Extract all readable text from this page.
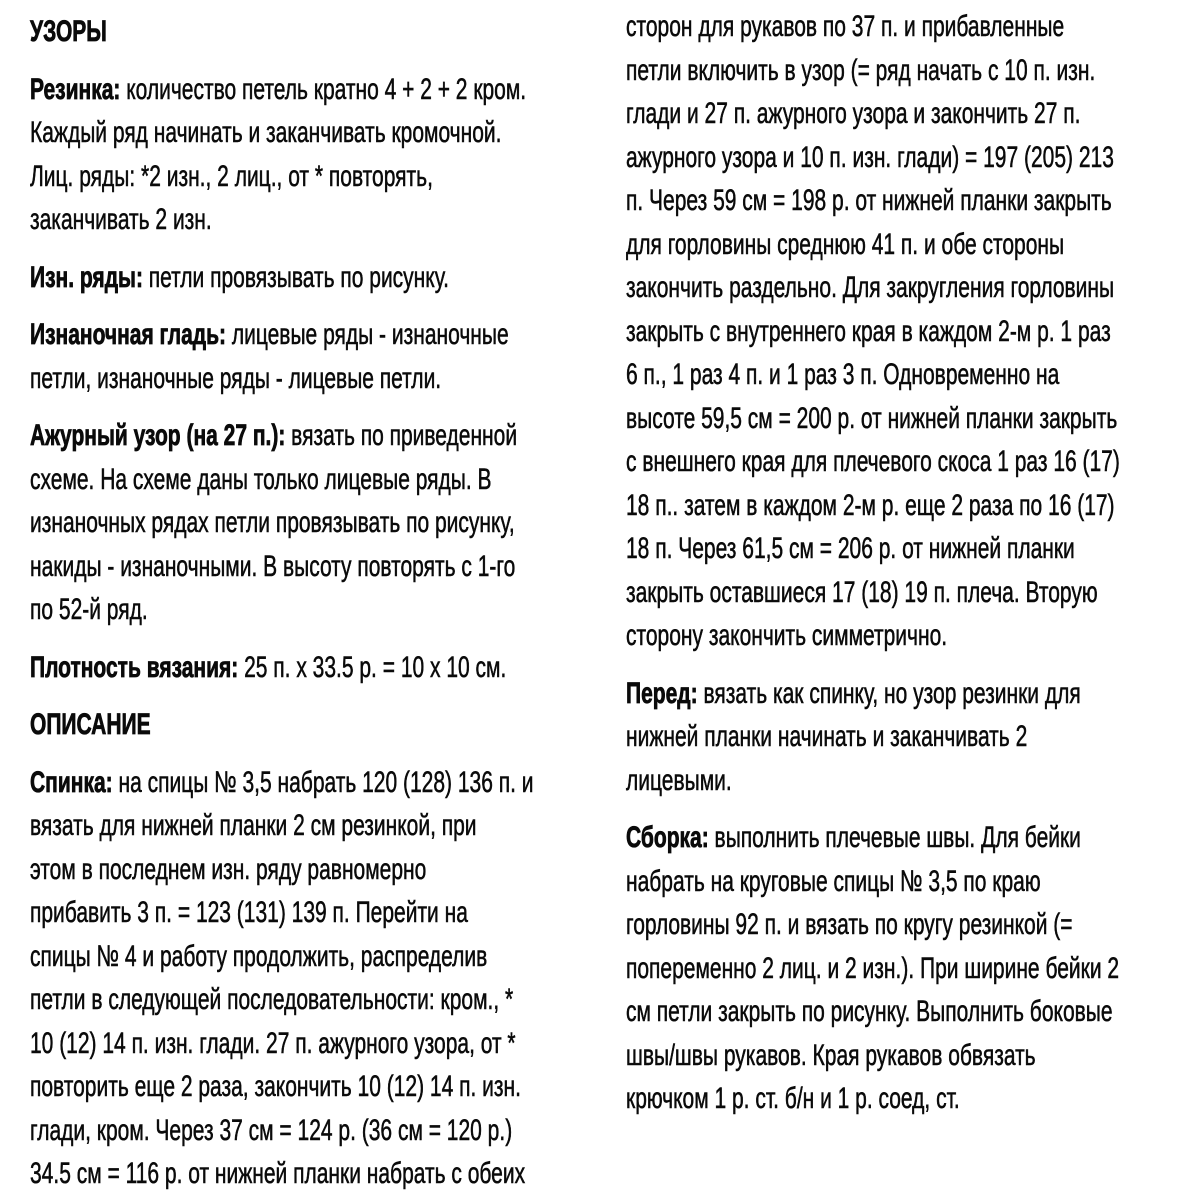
УЗОРЫ
Резинка: количество петель кратно 4 + 2 + 2 кром.
Каждый ряд начинать и заканчивать кромочной.
Лиц. ряды: *2 изн., 2 лиц., от * повторять,
заканчивать 2 изн.
Изн. ряды: петли провязывать по рисунку.
Изнаночная гладь: лицевые ряды - изнаночные
петли, изнаночные ряды - лицевые петли.
Ажурный узор (на 27 п.): вязать по приведенной
схеме. На схеме даны только лицевые ряды. В
изнаночных рядах петли провязывать по рисунку,
накиды - изнаночными. В высоту повторять с 1-го
по 52-й ряд.
Плотность вязания: 25 п. х 33.5 р. = 10 х 10 см.
ОПИСАНИЕ
Спинка: на спицы № 3,5 набрать 120 (128) 136 п. и
вязать для нижней планки 2 см резинкой, при
этом в последнем изн. ряду равномерно
прибавить 3 п. = 123 (131) 139 п. Перейти на
спицы № 4 и работу продолжить, распределив
петли в следующей последовательности: кром., *
10 (12) 14 п. изн. глади. 27 п. ажурного узора, от *
повторить еще 2 раза, закончить 10 (12) 14 п. изн.
глади, кром. Через 37 см = 124 р. (36 см = 120 р.)
34.5 см = 116 р. от нижней планки набрать с обеих
сторон для рукавов по 37 п. и прибавленные
петли включить в узор (= ряд начать с 10 п. изн.
глади и 27 п. ажурного узора и закончить 27 п.
ажурного узора и 10 п. изн. глади) = 197 (205) 213
п. Через 59 см = 198 р. от нижней планки закрыть
для горловины среднюю 41 п. и обе стороны
закончить раздельно. Для закругления горловины
закрыть с внутреннего края в каждом 2-м р. 1 раз
6 п., 1 раз 4 п. и 1 раз 3 п. Одновременно на
высоте 59,5 см = 200 р. от нижней планки закрыть
с внешнего края для плечевого скоса 1 раз 16 (17)
18 п.. затем в каждом 2-м р. еще 2 раза по 16 (17)
18 п. Через 61,5 см = 206 р. от нижней планки
закрыть оставшиеся 17 (18) 19 п. плеча. Вторую
сторону закончить симметрично.
Перед: вязать как спинку, но узор резинки для
нижней планки начинать и заканчивать 2
лицевыми.
Сборка: выполнить плечевые швы. Для бейки
набрать на круговые спицы № 3,5 по краю
горловины 92 п. и вязать по кругу резинкой (=
попеременно 2 лиц. и 2 изн.). При ширине бейки 2
см петли закрыть по рисунку. Выполнить боковые
швы/швы рукавов. Края рукавов обвязать
крючком 1 р. ст. б/н и 1 р. соед, ст.
